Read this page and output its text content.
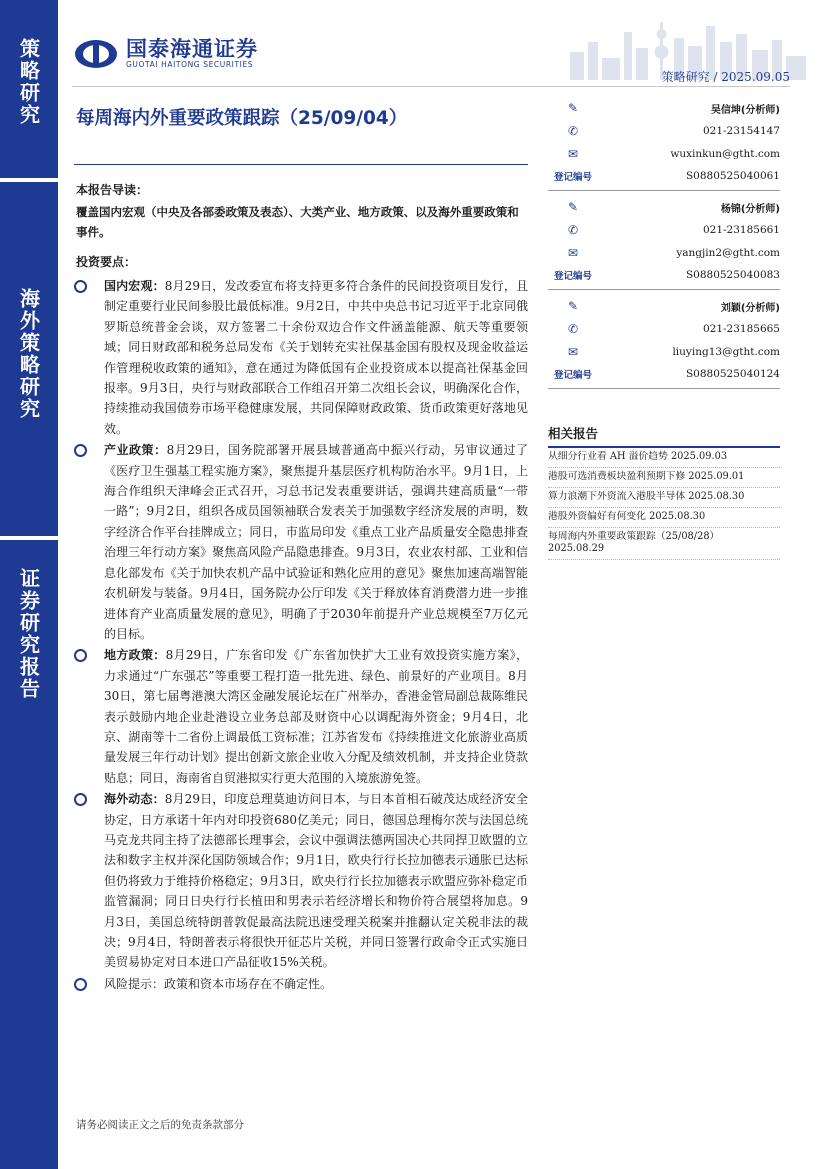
策略研究
海外策略研究
证券研究报告
国泰海通证券
GUOTAI HAITONG SECURITIES
策略研究 / 2025.09.05
每周海内外重要政策跟踪（25/09/04）

本报告导读：

覆盖国内宏观（中央及各部委政策及表态）、大类产业、地方政策、以及海外重要政策和事件。

投资要点：

国内宏观：8月29日，发改委宣布将支持更多符合条件的民间投资项目发行，且制定重要行业民间参股比最低标准。9月2日，中共中央总书记习近平于北京同俄罗斯总统普金会谈，双方签署二十余份双边合作文件涵盖能源、航天等重要领域；同日财政部和税务总局发布《关于划转充实社保基金国有股权及现金收益运作管理税收政策的通知》，意在通过为降低国有企业投资成本以提高社保基金回报率。9月3日，央行与财政部联合工作组召开第二次组长会议，明确深化合作，持续推动我国债券市场平稳健康发展，共同保障财政政策、货币政策更好落地见效。
产业政策：8月29日，国务院部署开展县域普通高中振兴行动，另审议通过了《医疗卫生强基工程实施方案》，聚焦提升基层医疗机构防治水平。9月1日，上海合作组织天津峰会正式召开，习总书记发表重要讲话，强调共建高质量“一带一路”；9月2日，组织各成员国领袖联合发表关于加强数字经济发展的声明，数字经济合作平台挂牌成立；同日，市监局印发《重点工业产品质量安全隐患排查治理三年行动方案》聚焦高风险产品隐患排查。9月3日，农业农村部、工业和信息化部发布《关于加快农机产品中试验证和熟化应用的意见》聚焦加速高端智能农机研发与装备。9月4日，国务院办公厅印发《关于释放体育消费潜力进一步推进体育产业高质量发展的意见》，明确了于2030年前提升产业总规模至7万亿元的目标。
地方政策：8月29日，广东省印发《广东省加快扩大工业有效投资实施方案》，力求通过“广东强芯”等重要工程打造一批先进、绿色、前景好的产业项目。8月30日，第七届粤港澳大湾区金融发展论坛在广州举办，香港金管局副总裁陈维民表示鼓励内地企业赴港设立业务总部及财资中心以调配海外资金；9月4日，北京、湖南等十二省份上调最低工资标准；江苏省发布《持续推进文化旅游业高质量发展三年行动计划》提出创新文旅企业收入分配及绩效机制，并支持企业贷款贴息；同日，海南省自贸港拟实行更大范围的入境旅游免签。
海外动态：8月29日，印度总理莫迪访问日本，与日本首相石破茂达成经济安全协定，日方承诺十年内对印投资680亿美元；同日，德国总理梅尔茨与法国总统马克龙共同主持了法德部长理事会，会议中强调法德两国决心共同捍卫欧盟的立法和数字主权并深化国防领域合作；9月1日，欧央行行长拉加德表示通胀已达标但仍将致力于维持价格稳定；9月3日，欧央行行长拉加德表示欧盟应弥补稳定币监管漏洞；同日日央行行长植田和男表示若经济增长和物价符合展望将加息。9月3日，美国总统特朗普敦促最高法院迅速受理关税案并推翻认定关税非法的裁决；9月4日，特朗普表示将很快开征芯片关税，并同日签署行政命令正式实施日美贸易协定对日本进口产品征收15%关税。
风险提示：政策和资本市场存在不确定性。
✎	吴信坤(分析师)
✆	021-23154147
✉	wuxinkun@gtht.com
登记编号	S0880525040061
✎	杨锦(分析师)
✆	021-23185661
✉	yangjin2@gtht.com
登记编号	S0880525040083
✎	刘颖(分析师)
✆	021-23185665
✉	liuying13@gtht.com
登记编号	S0880525040124
相关报告
从细分行业看 AH 溢价趋势 2025.09.03
港股可选消费板块盈利预期下修 2025.09.01
算力浪潮下外资流入港股半导体 2025.08.30
港股外资偏好有何变化 2025.08.30
每周海内外重要政策跟踪（25/08/28）
2025.08.29
请务必阅读正文之后的免责条款部分
